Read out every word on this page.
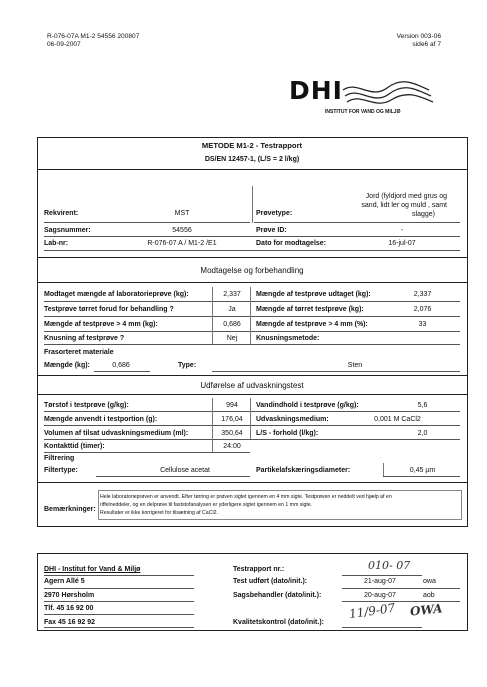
R-076-07A M1-2 54556 200807
06-09-2007
Version 003-06
side6 af 7
DHI
INSTITUT FOR VAND OG MILJØ
METODE M1-2 - Testrapport
DS/EN 12457-1, (L/S = 2 l/kg)
Rekvirent:	MST	Prøvetype:
Jord (fyldjord med grus og
sand, lidt ler og muld , samt
slagge)
Sagsnummer:	54556	Prøve ID:	-
Lab-nr:	R-076-07 A / M1-2 /E1	Dato for modtagelse:	16-jul-07
Modtagelse og forbehandling
Modtaget mængde af laboratorieprøve (kg):	2,337	Mængde af testprøve udtaget (kg):	2,337
Testprøve tørret forud for behandling ?	Ja	Mængde af tørret testprøve (kg):	2,076
Mængde af testprøve > 4 mm (kg):	0,686	Mængde af testprøve > 4 mm (%):	33
Knusning af testprøve ?	Nej	Knusningsmetode:
Frasorteret materiale
Mængde (kg):	0,686	Type:	Sten
Udførelse af udvaskningstest
Tørstof i testprøve (g/kg):	994	Vandindhold i testprøve (g/kg):	5,6
Mængde anvendt i testportion (g):	176,04	Udvaskningsmedium:	0,001 M CaCl2
Volumen af tilsat udvaskningsmedium (ml):	350,64	L/S - forhold (l/kg):	2,0
Kontakttid (timer):	24:00
Filtrering
Filtertype:	Cellulose acetat	Partikelafskæringsdiameter:	0,45 µm
Bemærkninger:
Hele laboratorieprøven er anvendt. Efter tørring er prøven sigtet igennem en 4 mm sigte. Testprøven er neddelt ved hjælp af en
riffelneddeler, og en delprøve til faststofanalysen er yderligere sigtet igennem en 1 mm sigte.
Resultater er ikke korrigeret for tilsætning af CaCl2.
DHI - Institut for Vand & Miljø
Agern Allé 5
2970 Hørsholm
Tlf. 45 16 92 00
Fax 45 16 92 92
Testrapport nr.:	010- 07
Test udført (dato/init.):	21-aug-07	owa
Sagsbehandler (dato/init.):	20-aug-07	aob
Kvalitetskontrol (dato/init.):
11/9-07 OWA
